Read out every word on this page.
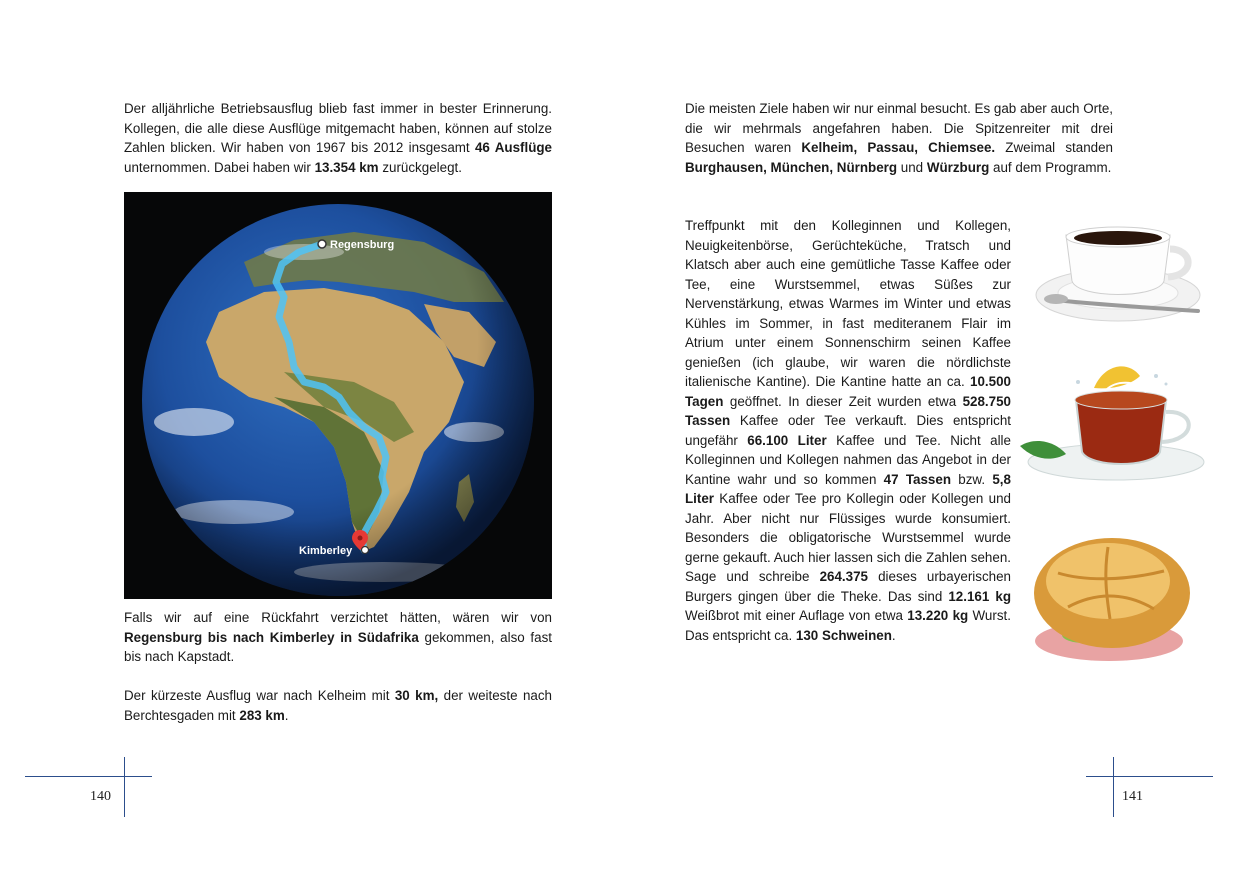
Der alljährliche Betriebsausflug blieb fast immer in bester Erinnerung. Kollegen, die alle diese Ausflüge mitgemacht haben, können auf stolze Zahlen blicken. Wir haben von 1967 bis 2012 insgesamt 46 Ausflüge unternommen. Dabei haben wir 13.354 km zurückgelegt.

Regensburg
Kimberley

Falls wir auf eine Rückfahrt verzichtet hätten, wären wir von Regensburg bis nach Kimberley in Südafrika gekommen, also fast bis nach Kapstadt.

Der kürzeste Ausflug war nach Kelheim mit 30 km, der weiteste nach Berchtesgaden mit 283 km.

140

Die meisten Ziele haben wir nur einmal besucht. Es gab aber auch Orte, die wir mehrmals angefahren haben. Die Spitzenreiter mit drei Besuchen waren Kelheim, Passau, Chiemsee. Zweimal standen Burghausen, München, Nürnberg und Würzburg auf dem Programm.

Treffpunkt mit den Kolleginnen und Kollegen, Neuigkeitenbörse, Gerüchteküche, Tratsch und Klatsch aber auch eine gemütliche Tasse Kaffee oder Tee, eine Wurstsemmel, etwas Süßes zur Nervenstärkung, etwas Warmes im Winter und etwas Kühles im Sommer, in fast mediteranem Flair im Atrium unter einem Sonnenschirm seinen Kaffee genießen (ich glaube, wir waren die nördlichste italienische Kantine). Die Kantine hatte an ca. 10.500 Tagen geöffnet. In dieser Zeit wurden etwa 528.750 Tassen Kaffee oder Tee verkauft. Dies entspricht ungefähr 66.100 Liter Kaffee und Tee. Nicht alle Kolleginnen und Kollegen nahmen das Angebot in der Kantine wahr und so kommen 47 Tassen bzw. 5,8 Liter Kaffee oder Tee pro Kollegin oder Kollegen und Jahr. Aber nicht nur Flüssiges wurde konsumiert. Besonders die obligatorische Wurstsemmel wurde gerne gekauft. Auch hier lassen sich die Zahlen sehen. Sage und schreibe 264.375 dieses urbayerischen Burgers gingen über die Theke. Das sind 12.161 kg Weißbrot mit einer Auflage von etwa 13.220 kg Wurst. Das entspricht ca. 130 Schweinen.

141
